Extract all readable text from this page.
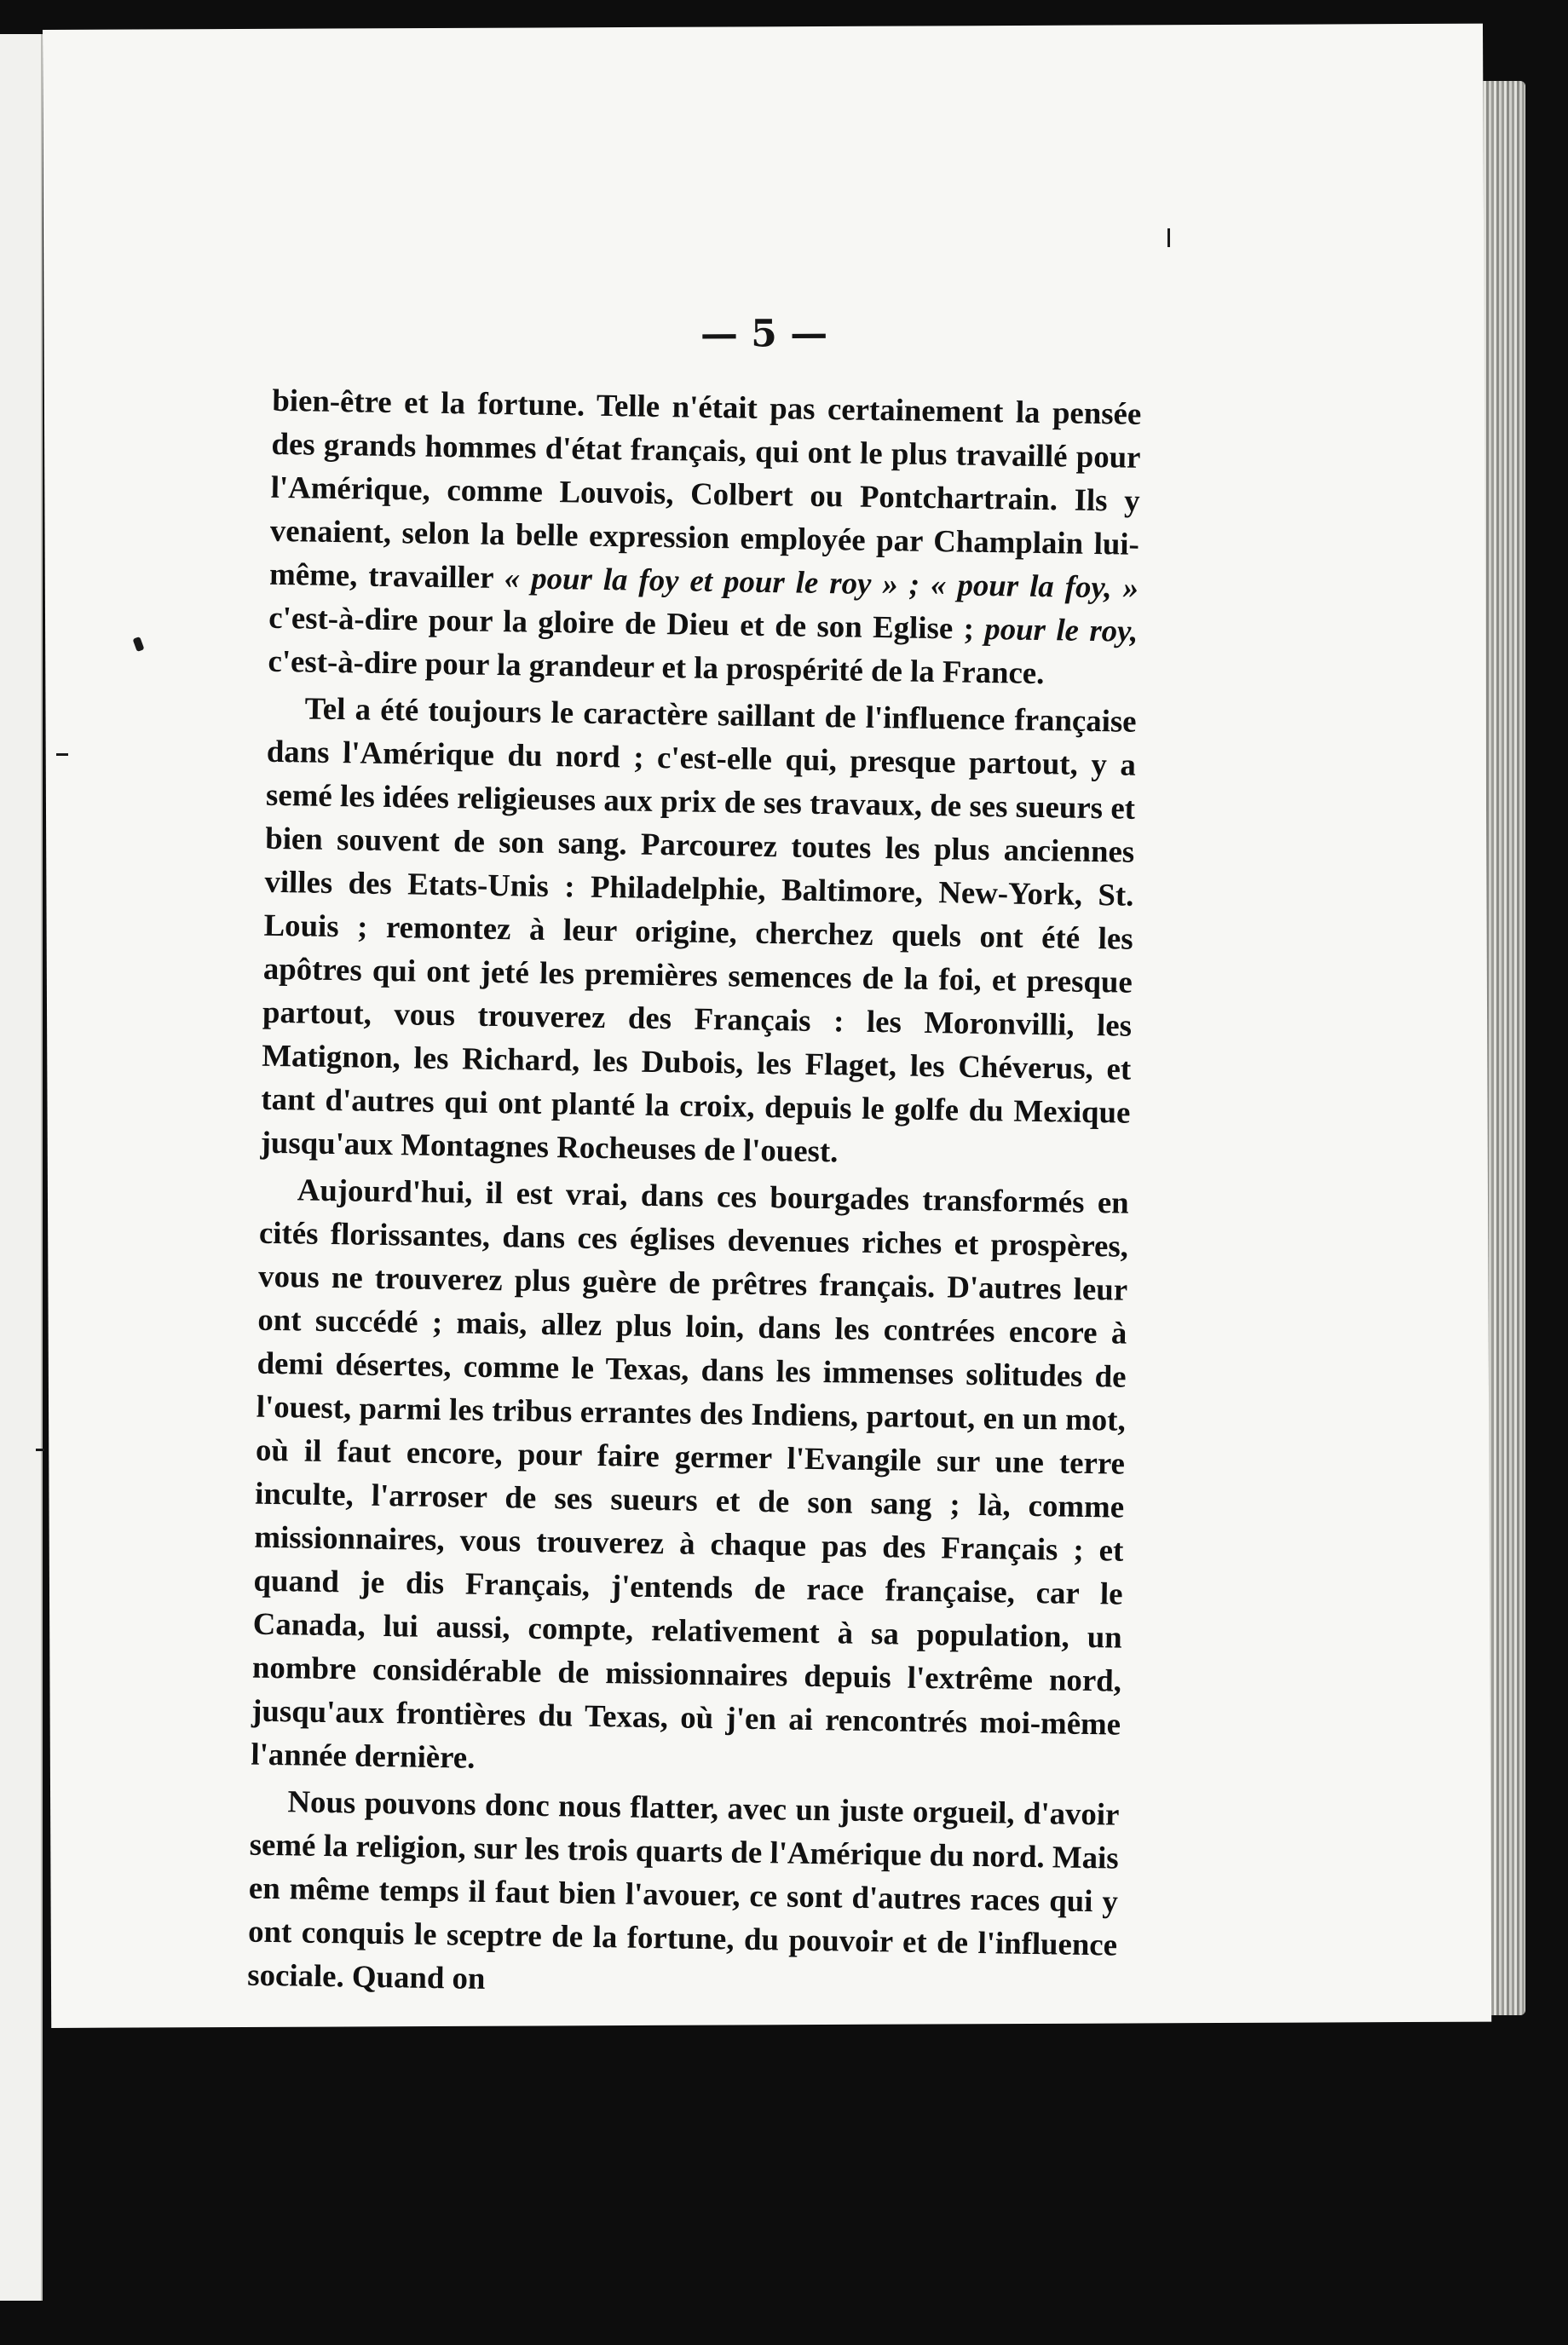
— 5 —

bien-être et la fortune. Telle n'était pas certainement la pensée des grands hommes d'état français, qui ont le plus travaillé pour l'Amérique, comme Louvois, Colbert ou Pontchartrain. Ils y venaient, selon la belle expression employée par Champlain lui-même, travailler « pour la foy et pour le roy » ; « pour la foy, » c'est-à-dire pour la gloire de Dieu et de son Eglise ; pour le roy, c'est-à-dire pour la grandeur et la prospérité de la France.

Tel a été toujours le caractère saillant de l'influence française dans l'Amérique du nord ; c'est-elle qui, presque partout, y a semé les idées religieuses aux prix de ses travaux, de ses sueurs et bien souvent de son sang. Parcourez toutes les plus anciennes villes des Etats-Unis : Philadelphie, Baltimore, New-York, St. Louis ; remontez à leur origine, cherchez quels ont été les apôtres qui ont jeté les premières semences de la foi, et presque partout, vous trouverez des Français : les Moronvilli, les Matignon, les Richard, les Dubois, les Flaget, les Chéverus, et tant d'autres qui ont planté la croix, depuis le golfe du Mexique jusqu'aux Montagnes Rocheuses de l'ouest.

Aujourd'hui, il est vrai, dans ces bourgades transformés en cités florissantes, dans ces églises devenues riches et prospères, vous ne trouverez plus guère de prêtres français. D'autres leur ont succédé ; mais, allez plus loin, dans les contrées encore à demi désertes, comme le Texas, dans les immenses solitudes de l'ouest, parmi les tribus errantes des Indiens, partout, en un mot, où il faut encore, pour faire germer l'Evangile sur une terre inculte, l'arroser de ses sueurs et de son sang ; là, comme missionnaires, vous trouverez à chaque pas des Français ; et quand je dis Français, j'entends de race française, car le Canada, lui aussi, compte, relativement à sa population, un nombre considérable de missionnaires depuis l'extrême nord, jusqu'aux frontières du Texas, où j'en ai rencontrés moi-même l'année dernière.

Nous pouvons donc nous flatter, avec un juste orgueil, d'avoir semé la religion, sur les trois quarts de l'Amérique du nord. Mais en même temps il faut bien l'avouer, ce sont d'autres races qui y ont conquis le sceptre de la fortune, du pouvoir et de l'influence sociale. Quand on
